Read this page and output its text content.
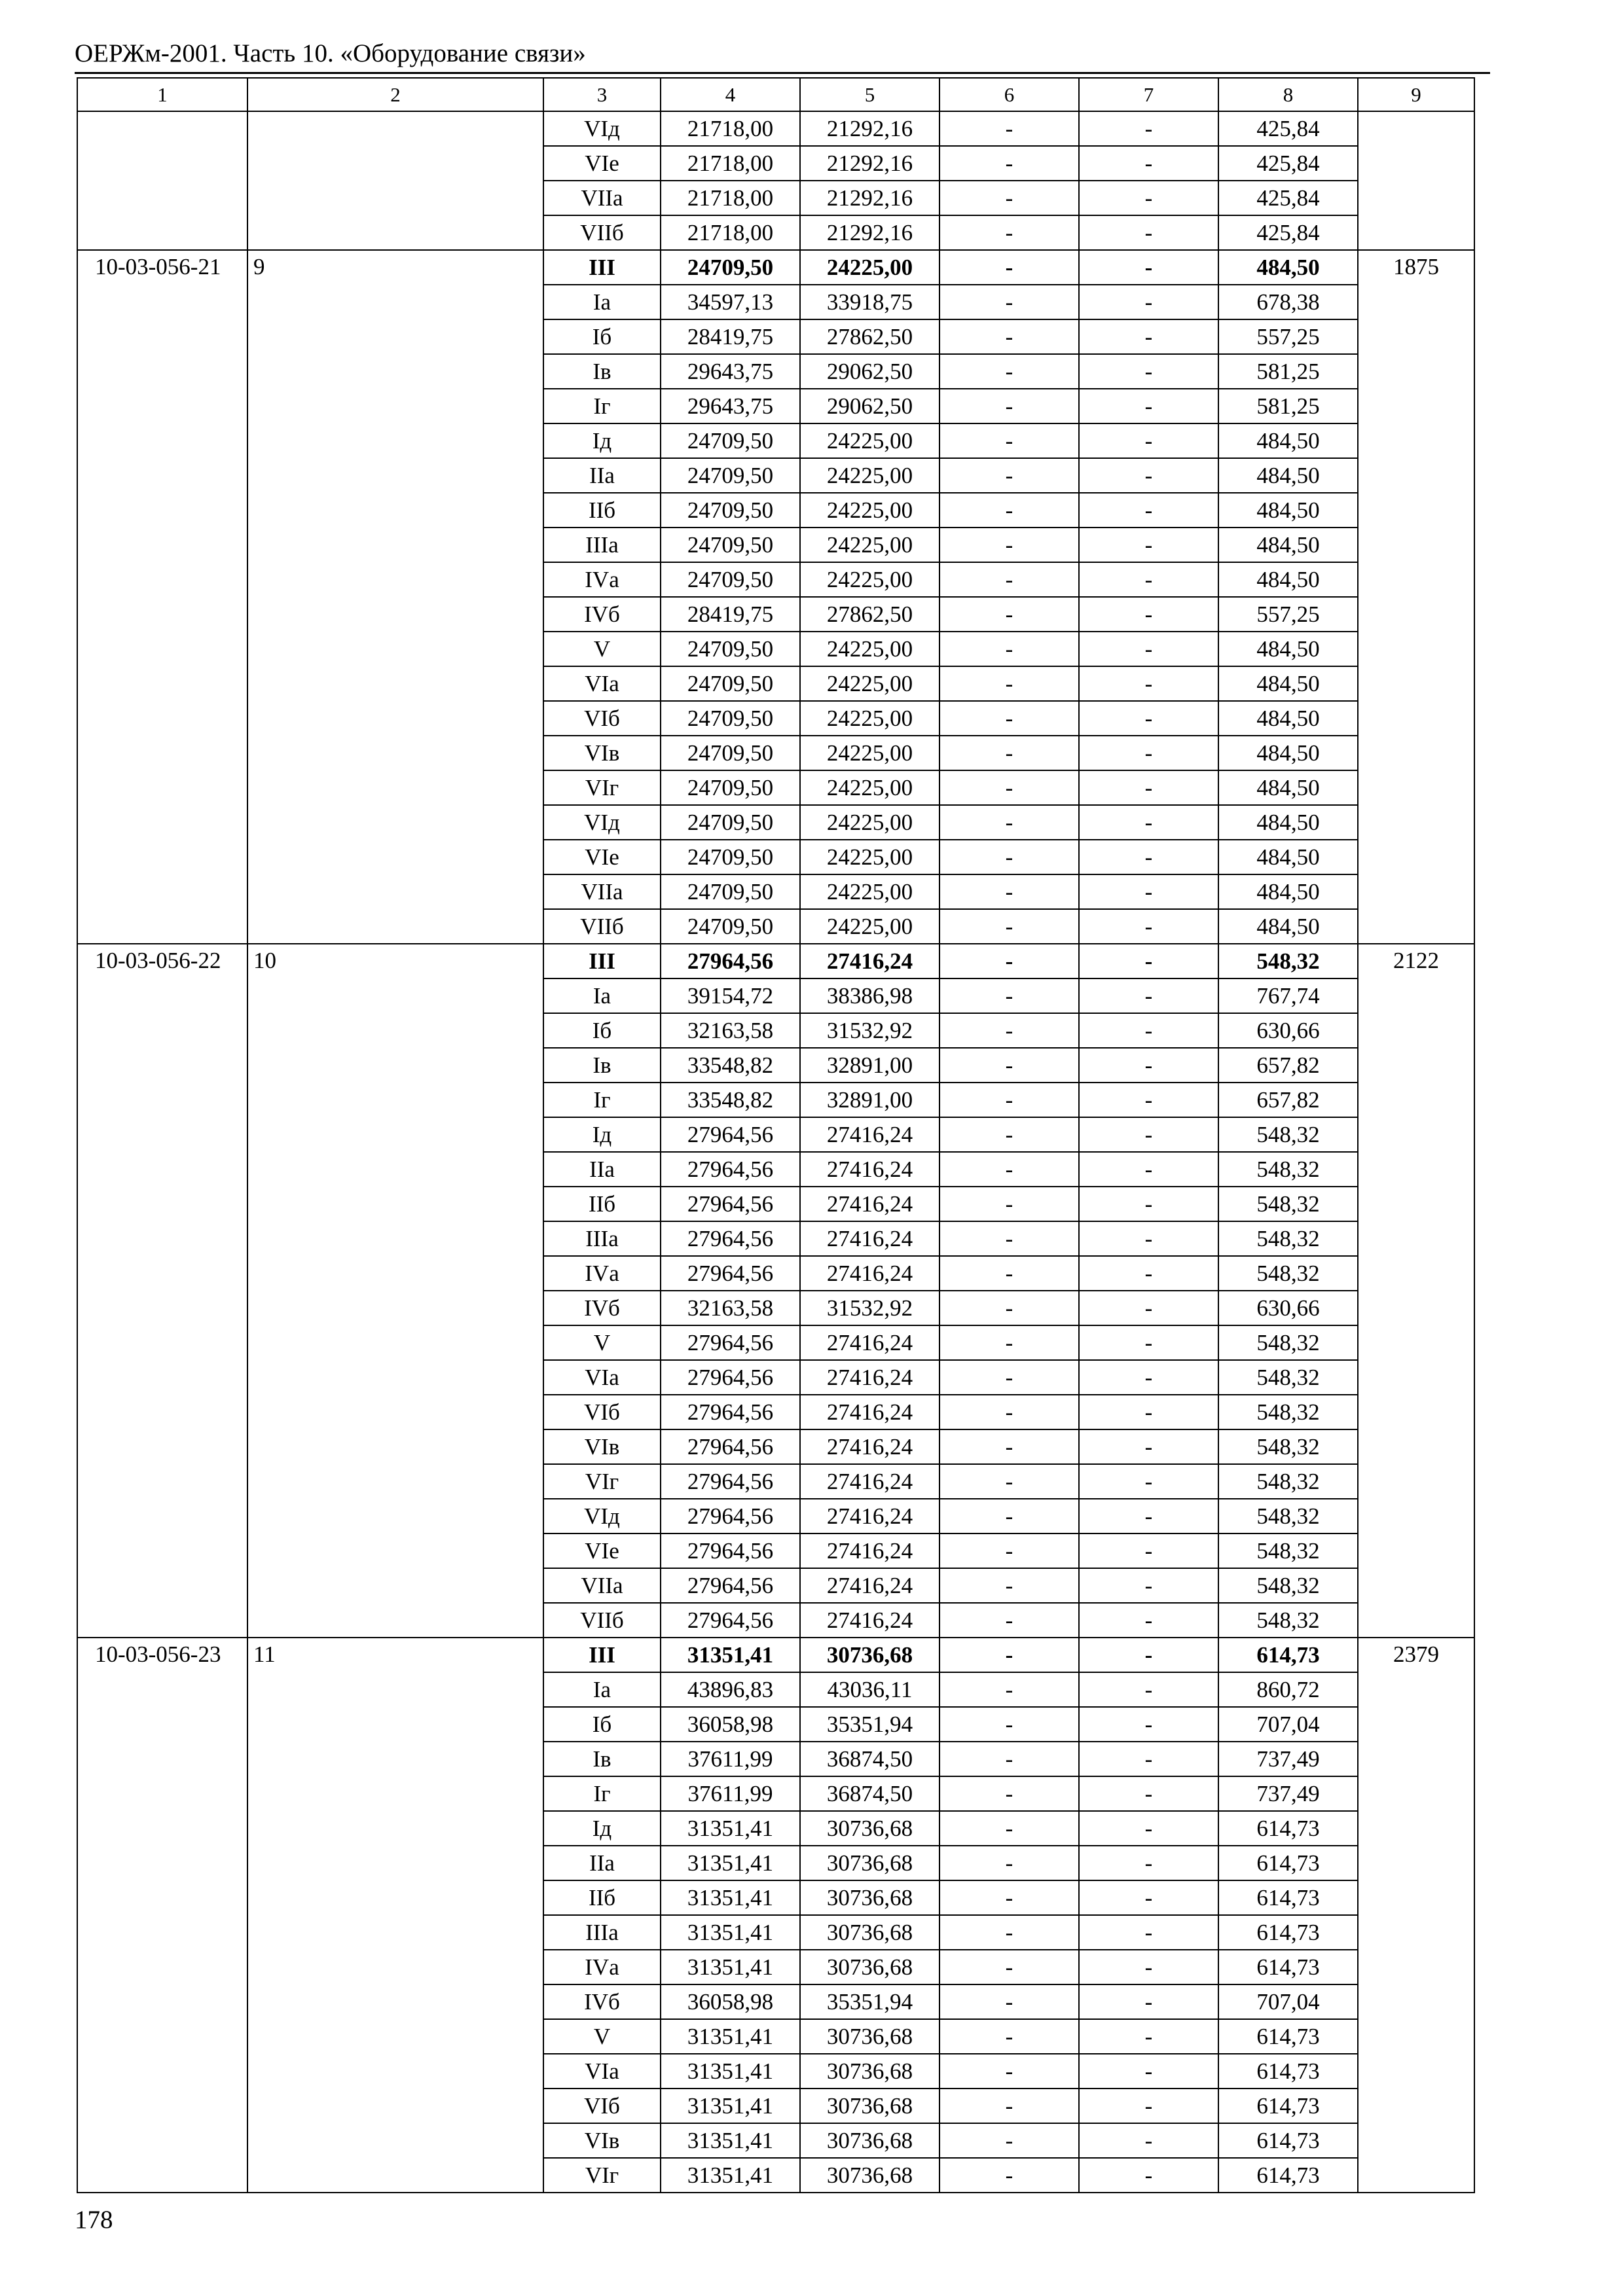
ОЕРЖм-2001. Часть 10. «Оборудование связи»
1	2	3	4	5	6	7	8	9
		VIд	21718,00	21292,16	-	-	425,84	
		VIе	21718,00	21292,16	-	-	425,84	
		VIIа	21718,00	21292,16	-	-	425,84	
		VIIб	21718,00	21292,16	-	-	425,84	
10-03-056-21	9	III	24709,50	24225,00	-	-	484,50	1875
		Iа	34597,13	33918,75	-	-	678,38	
		Iб	28419,75	27862,50	-	-	557,25	
		Iв	29643,75	29062,50	-	-	581,25	
		Iг	29643,75	29062,50	-	-	581,25	
		Iд	24709,50	24225,00	-	-	484,50	
		IIа	24709,50	24225,00	-	-	484,50	
		IIб	24709,50	24225,00	-	-	484,50	
		IIIа	24709,50	24225,00	-	-	484,50	
		IVа	24709,50	24225,00	-	-	484,50	
		IVб	28419,75	27862,50	-	-	557,25	
		V	24709,50	24225,00	-	-	484,50	
		VIа	24709,50	24225,00	-	-	484,50	
		VIб	24709,50	24225,00	-	-	484,50	
		VIв	24709,50	24225,00	-	-	484,50	
		VIг	24709,50	24225,00	-	-	484,50	
		VIд	24709,50	24225,00	-	-	484,50	
		VIе	24709,50	24225,00	-	-	484,50	
		VIIа	24709,50	24225,00	-	-	484,50	
		VIIб	24709,50	24225,00	-	-	484,50	
10-03-056-22	10	III	27964,56	27416,24	-	-	548,32	2122
		Iа	39154,72	38386,98	-	-	767,74	
		Iб	32163,58	31532,92	-	-	630,66	
		Iв	33548,82	32891,00	-	-	657,82	
		Iг	33548,82	32891,00	-	-	657,82	
		Iд	27964,56	27416,24	-	-	548,32	
		IIа	27964,56	27416,24	-	-	548,32	
		IIб	27964,56	27416,24	-	-	548,32	
		IIIа	27964,56	27416,24	-	-	548,32	
		IVа	27964,56	27416,24	-	-	548,32	
		IVб	32163,58	31532,92	-	-	630,66	
		V	27964,56	27416,24	-	-	548,32	
		VIа	27964,56	27416,24	-	-	548,32	
		VIб	27964,56	27416,24	-	-	548,32	
		VIв	27964,56	27416,24	-	-	548,32	
		VIг	27964,56	27416,24	-	-	548,32	
		VIд	27964,56	27416,24	-	-	548,32	
		VIе	27964,56	27416,24	-	-	548,32	
		VIIа	27964,56	27416,24	-	-	548,32	
		VIIб	27964,56	27416,24	-	-	548,32	
10-03-056-23	11	III	31351,41	30736,68	-	-	614,73	2379
		Iа	43896,83	43036,11	-	-	860,72	
		Iб	36058,98	35351,94	-	-	707,04	
		Iв	37611,99	36874,50	-	-	737,49	
		Iг	37611,99	36874,50	-	-	737,49	
		Iд	31351,41	30736,68	-	-	614,73	
		IIа	31351,41	30736,68	-	-	614,73	
		IIб	31351,41	30736,68	-	-	614,73	
		IIIа	31351,41	30736,68	-	-	614,73	
		IVа	31351,41	30736,68	-	-	614,73	
		IVб	36058,98	35351,94	-	-	707,04	
		V	31351,41	30736,68	-	-	614,73	
		VIа	31351,41	30736,68	-	-	614,73	
		VIб	31351,41	30736,68	-	-	614,73	
		VIв	31351,41	30736,68	-	-	614,73	
		VIг	31351,41	30736,68	-	-	614,73	
178
